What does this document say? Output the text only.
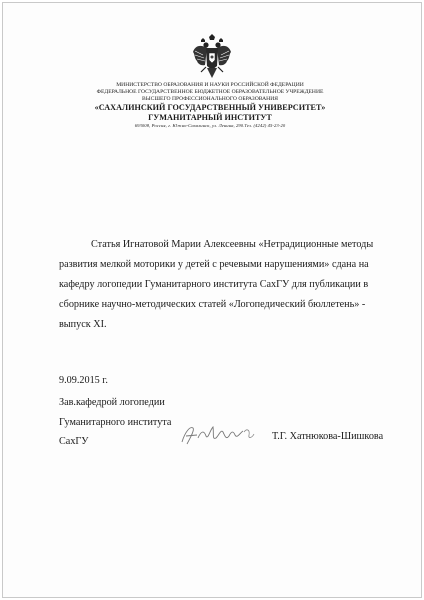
МИНИСТЕРСТВО ОБРАЗОВАНИЯ И НАУКИ РОССИЙСКОЙ ФЕДЕРАЦИИ
ФЕДЕРАЛЬНОЕ ГОСУДАРСТВЕННОЕ БЮДЖЕТНОЕ ОБРАЗОВАТЕЛЬНОЕ УЧРЕЖДЕНИЕ
ВЫСШЕГО ПРОФЕССИОНАЛЬНОГО ОБРАЗОВАНИЯ
«САХАЛИНСКИЙ ГОСУДАРСТВЕННЫЙ УНИВЕРСИТЕТ»
ГУМАНИТАРНЫЙ ИНСТИТУТ
693008, Россия, г. Южно-Сахалинск, ул. Ленина, 290.Тел. (4242) 45-23-20
Статья Игнатовой Марии Алексеевны «Нетрадиционные методы
развития мелкой моторики у детей с речевыми нарушениями» сдана на
кафедру логопедии Гуманитарного института СахГУ для публикации в
сборнике научно-методических статей «Логопедический бюллетень» -
выпуск XI.
9.09.2015 г.
Зав.кафедрой логопедии
Гуманитарного института
СахГУ	Т.Г. Хатнюкова-Шишкова
